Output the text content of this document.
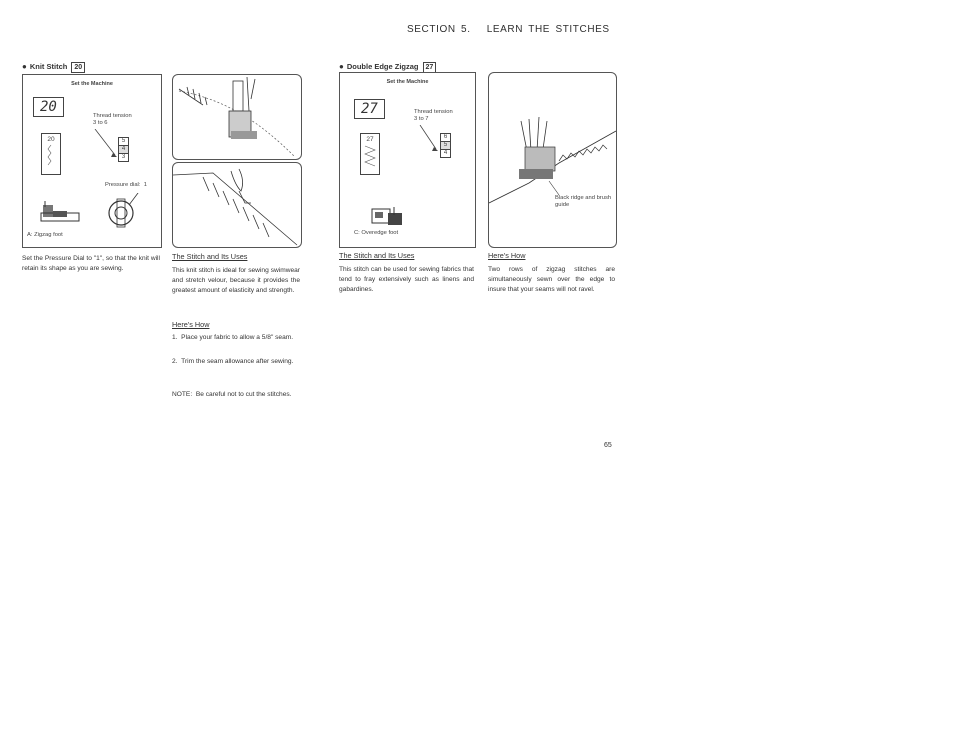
SECTION 5. LEARN THE STITCHES
● Knit Stitch 20
Set the Machine
20
Thread tension
3 to 6
20	5
4
3
Pressure dial: 1
A: Zigzag foot
Set the Pressure Dial to "1", so that the knit will retain its shape as you are sewing.
The Stitch and Its Uses
This knit stitch is ideal for sewing swimwear and stretch velour, because it provides the greatest amount of elasticity and strength.
Here's How
1. Place your fabric to allow a 5/8" seam.
2. Trim the seam allowance after sewing.
NOTE: Be careful not to cut the stitches.
● Double Edge Zigzag 27
Set the Machine
27	Thread tension
3 to 7
27	6
5
4
C: Overedge foot
Black ridge and brush guide
The Stitch and Its Uses
This stitch can be used for sewing fabrics that tend to fray extensively such as linens and gabardines.
Here's How
Two rows of zigzag stitches are simultaneously sewn over the edge to insure that your seams will not ravel.
65
